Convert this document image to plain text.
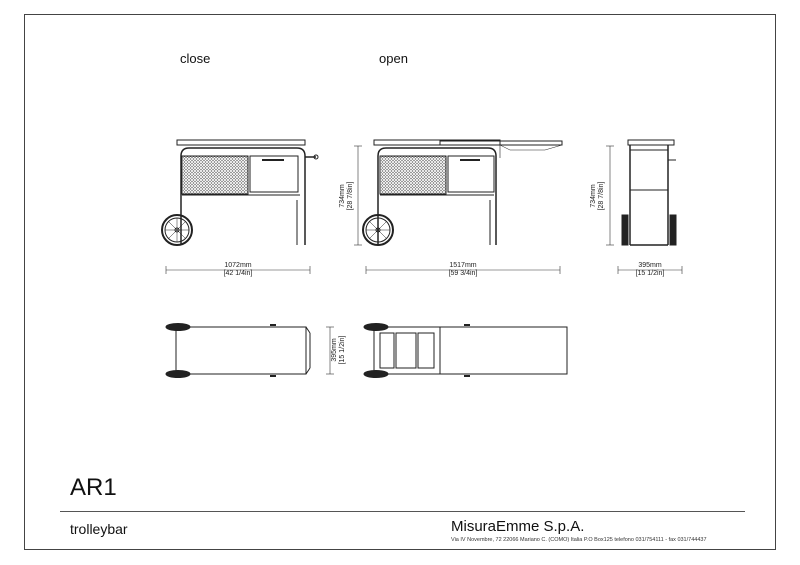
close	open
1072mm
[42 1/4in]
1517mm
[59 3/4in]
395mm
[15 1/2in]
734mm [28 7/8in]	734mm [28 7/8in]
395mm [15 1/2in]
AR1
trolleybar	MisuraEmme S.p.A.
Via IV Novembre, 72 22066 Mariano C. (COMO) Italia P.O Box125 telefono 031/754111 - fax 031/744437
